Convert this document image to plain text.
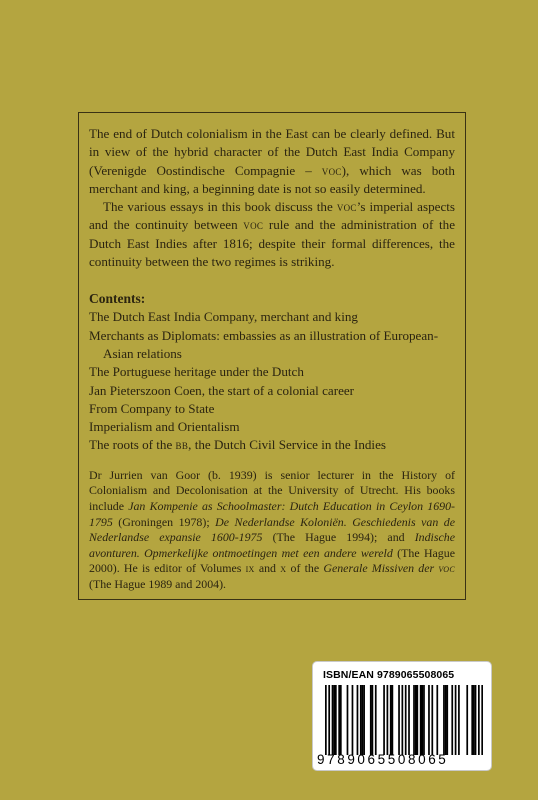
The end of Dutch colonialism in the East can be clearly defined. But in view of the hybrid character of the Dutch East India Company (Verenigde Oostindische Compagnie – voc), which was both merchant and king, a beginning date is not so easily determined.

The various essays in this book discuss the voc’s imperial aspects and the continuity between voc rule and the administration of the Dutch East Indies after 1816; despite their formal differences, the continuity between the two regimes is striking.

Contents:
The Dutch East India Company, merchant and king
Merchants as Diplomats: embassies as an illustration of European-Asian relations
The Portuguese heritage under the Dutch
Jan Pieterszoon Coen, the start of a colonial career
From Company to State
Imperialism and Orientalism
The roots of the bb, the Dutch Civil Service in the Indies

Dr Jurrien van Goor (b. 1939) is senior lecturer in the History of Colonialism and Decolonisation at the University of Utrecht. His books include Jan Kompenie as Schoolmaster: Dutch Education in Ceylon 1690-1795 (Groningen 1978); De Nederlandse Koloniën. Geschiedenis van de Nederlandse expansie 1600-1975 (The Hague 1994); and Indische avonturen. Opmerkelijke ontmoetingen met een andere wereld (The Hague 2000). He is editor of Volumes ix and x of the Generale Missiven der voc (The Hague 1989 and 2004).

ISBN/EAN 9789065508065
9789065508065
